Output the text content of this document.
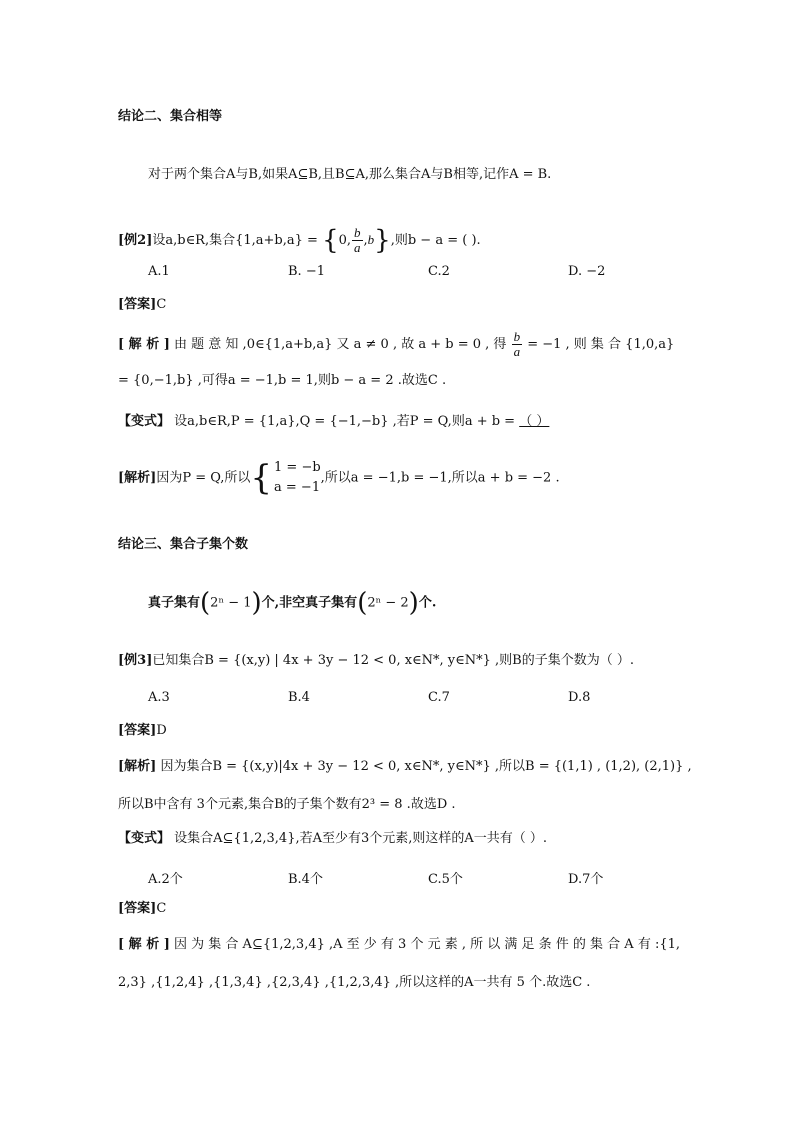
结论二、集合相等
对于两个集合A与B,如果A⊆B,且B⊆A,那么集合A与B相等,记作A = B.
[例2]设a,b∈R,集合{1,a+b,a} = {0, $\frac{b}{a} ,b$},则b − a = ( ).
A.1	B. −1	C.2	D. −2
[答案]C
[ 解 析 ] 由 题 意 知 ,0∈{1,a+b,a} 又 a ≠ 0 , 故 a + b = 0 , 得 $\frac{b}{a} = -1$ , 则 集 合 {1,0,a}
= {0,−1,b} ,可得a = −1,b = 1,则b − a = 2 .故选C .
【变式】 设a,b∈R,P = {1,a},Q = {−1,−b} ,若P = Q,则a + b = （ ）
[解析]因为P = Q,所以{ 1 = −b
a = −1
,所以a = −1,b = −1,所以a + b = −2 .
结论三、集合子集个数
真子集有(2ⁿ − 1)个,非空真子集有(2ⁿ − 2)个.
[例3]已知集合B = {(x,y) | 4x + 3y − 12 < 0, x∈N*, y∈N*} ,则B的子集个数为（ ）.
A.3	B.4	C.7	D.8
[答案]D
[解析] 因为集合B = {(x,y)|4x + 3y − 12 < 0, x∈N*, y∈N*} ,所以B = {(1,1) , (1,2), (2,1)} ,
所以B中含有 3个元素,集合B的子集个数有2³ = 8 .故选D .
【变式】 设集合A⊆{1,2,3,4},若A至少有3个元素,则这样的A一共有（ ）.
A.2个	B.4个	C.5个	D.7个
[答案]C
[ 解 析 ] 因 为 集 合 A⊆{1,2,3,4} ,A 至 少 有 3 个 元 素 , 所 以 满 足 条 件 的 集 合 A 有 :{1,
2,3} ,{1,2,4} ,{1,3,4} ,{2,3,4} ,{1,2,3,4} ,所以这样的A一共有 5 个.故选C .
